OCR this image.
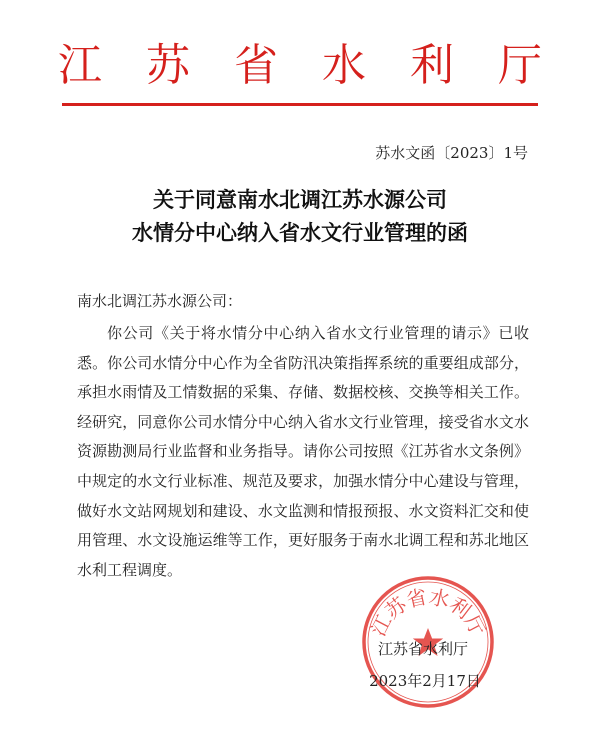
江 苏 省 水 利 厅
苏水文函〔2023〕1号
关于同意南水北调江苏水源公司
水情分中心纳入省水文行业管理的函
南水北调江苏水源公司：

你公司《关于将水情分中心纳入省水文行业管理的请示》已收悉。你公司水情分中心作为全省防汛决策指挥系统的重要组成部分，承担水雨情及工情数据的采集、存储、数据校核、交换等相关工作。经研究，同意你公司水情分中心纳入省水文行业管理，接受省水文水资源勘测局行业监督和业务指导。请你公司按照《江苏省水文条例》中规定的水文行业标准、规范及要求，加强水情分中心建设与管理，做好水文站网规划和建设、水文监测和情报预报、水文资料汇交和使用管理、水文设施运维等工作，更好服务于南水北调工程和苏北地区水利工程调度。

江苏省水利厅
江苏省水利厅
2023年2月17日
